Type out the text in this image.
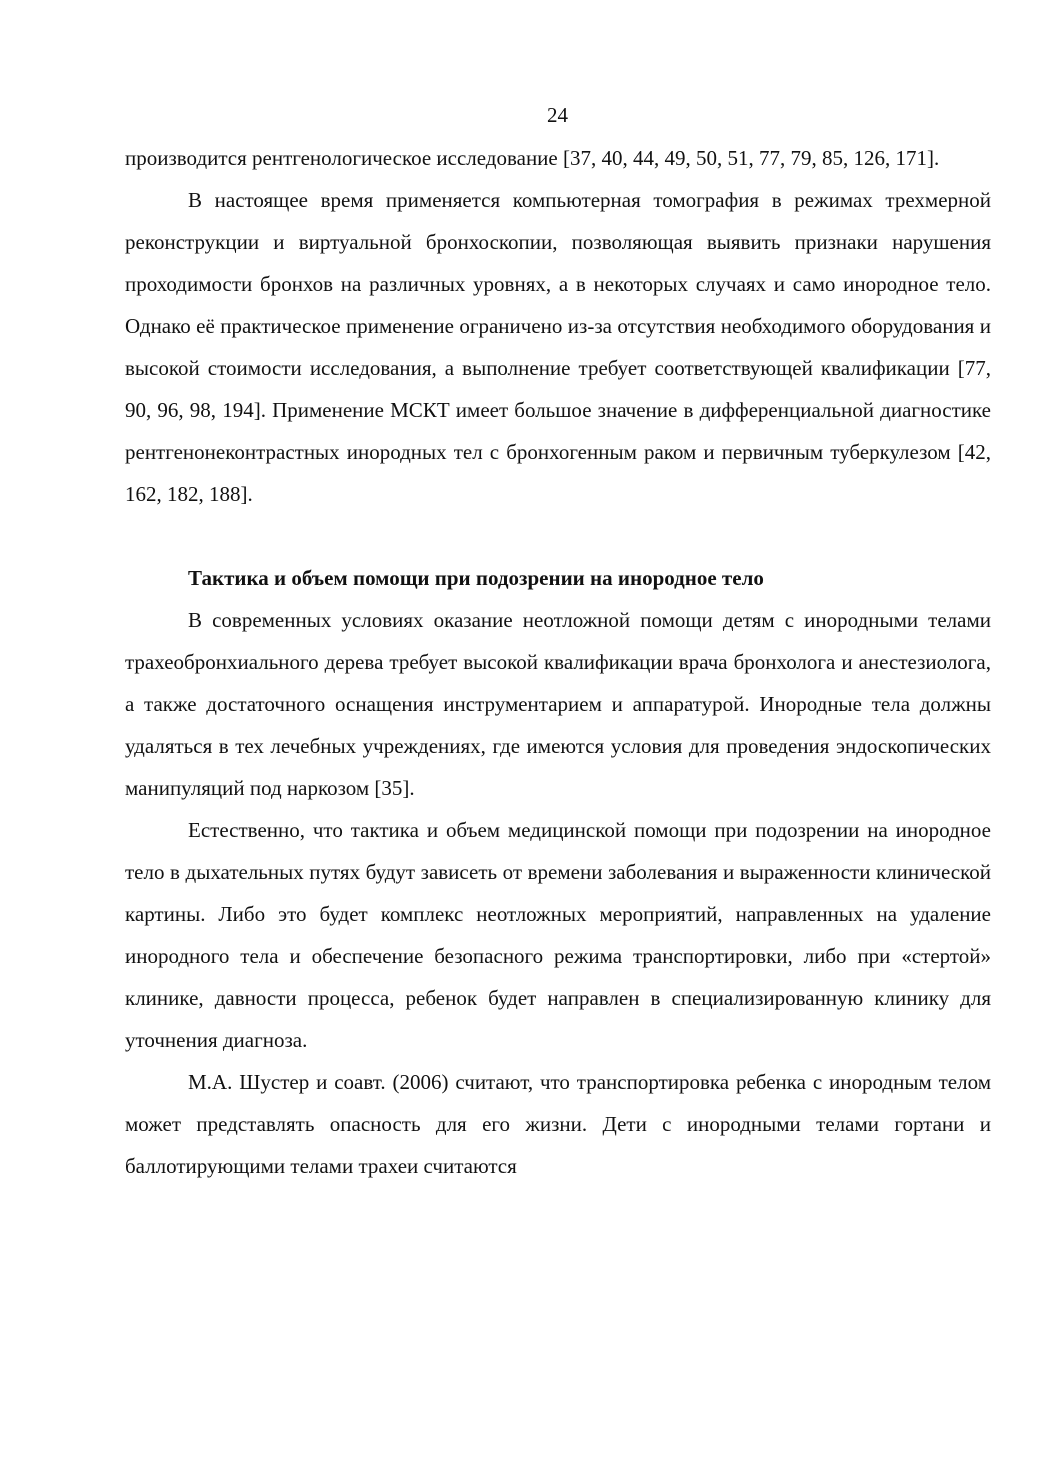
24

производится рентгенологическое исследование [37, 40, 44, 49, 50, 51, 77, 79, 85, 126, 171].

В настоящее время применяется компьютерная томография в режимах трехмерной реконструкции и виртуальной бронхоскопии, позволяющая выявить признаки нарушения проходимости бронхов на различных уровнях, а в некоторых случаях и само инородное тело. Однако её практическое применение ограничено из-за отсутствия необходимого оборудования и высокой стоимости исследования, а выполнение требует соответствующей квалификации [77, 90, 96, 98, 194]. Применение МСКТ имеет большое значение в дифференциальной диагностике рентгенонеконтрастных инородных тел с бронхогенным раком и первичным туберкулезом [42, 162, 182, 188].

Тактика и объем помощи при подозрении на инородное тело

В современных условиях оказание неотложной помощи детям с инородными телами трахеобронхиального дерева требует высокой квалификации врача бронхолога и анестезиолога, а также достаточного оснащения инструментарием и аппаратурой. Инородные тела должны удаляться в тех лечебных учреждениях, где имеются условия для проведения эндоскопических манипуляций под наркозом [35].

Естественно, что тактика и объем медицинской помощи при подозрении на инородное тело в дыхательных путях будут зависеть от времени заболевания и выраженности клинической картины. Либо это будет комплекс неотложных мероприятий, направленных на удаление инородного тела и обеспечение безопасного режима транспортировки, либо при «стертой» клинике, давности процесса, ребенок будет направлен в специализированную клинику для уточнения диагноза.

М.А. Шустер и соавт. (2006) считают, что транспортировка ребенка с инородным телом может представлять опасность для его жизни. Дети с инородными телами гортани и баллотирующими телами трахеи считаются
